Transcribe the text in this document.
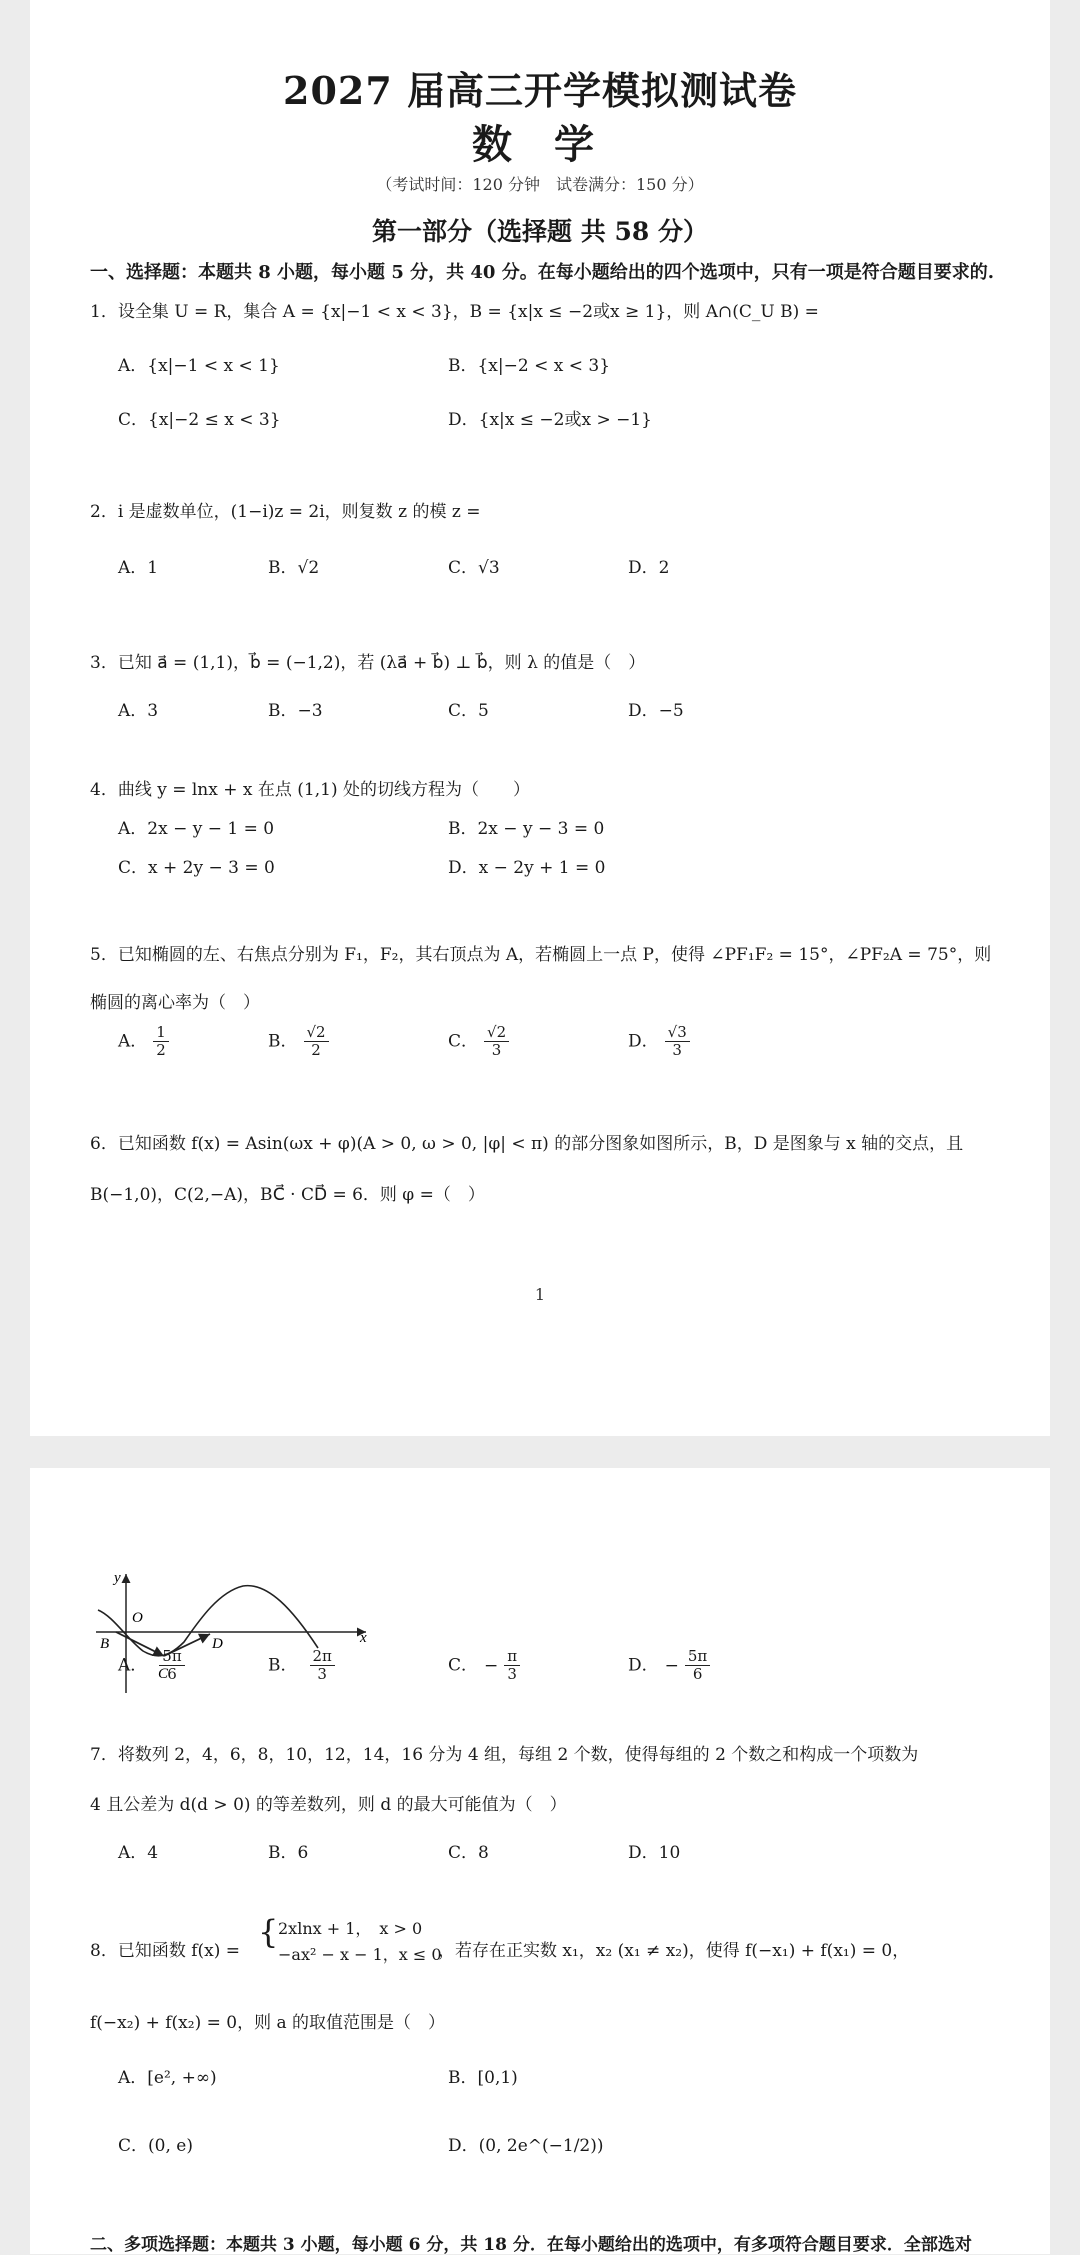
2027 届高三开学模拟测试卷
数 学
（考试时间：120 分钟　试卷满分：150 分）
第一部分（选择题 共 58 分）
一、选择题：本题共 8 小题，每小题 5 分，共 40 分。在每小题给出的四个选项中，只有一项是符合题目要求的.
1．设全集 U = R，集合 A = {x|−1 < x < 3}，B = {x|x ≤ −2或x ≥ 1}，则 A∩(C_U B) =
A．{x|−1 < x < 1}	B．{x|−2 < x < 3}
C．{x|−2 ≤ x < 3}	D．{x|x ≤ −2或x > −1}
2．i 是虚数单位，(1−i)z = 2i，则复数 z 的模 z =
A．1	B．√2	C．√3	D．2
3．已知 a⃗ = (1,1)，b⃗ = (−1,2)，若 (λa⃗ + b⃗) ⊥ b⃗，则 λ 的值是（　）
A．3	B．−3	C．5	D．−5
4．曲线 y = lnx + x 在点 (1,1) 处的切线方程为（　　）
A．2x − y − 1 = 0	B．2x − y − 3 = 0
C．x + 2y − 3 = 0	D．x − 2y + 1 = 0
5．已知椭圆的左、右焦点分别为 F₁，F₂，其右顶点为 A，若椭圆上一点 P，使得 ∠PF₁F₂ = 15°，∠PF₂A = 75°，则
椭圆的离心率为（　）
A． $\frac{1}{2}$	B． $\frac{√2}{2}$	C． $\frac{√2}{3}$	D． $\frac{√3}{3}$
6．已知函数 f(x) = Asin(ωx + φ)(A > 0, ω > 0, |φ| < π) 的部分图象如图所示，B，D 是图象与 x 轴的交点，且
B(−1,0)，C(2,−A)，BC⃗ · CD⃗ = 6．则 φ =（　）
1
y
O
B
C
D	x
A． $\frac{5\pi}{6}$	B． $\frac{2\pi}{3}$	C． − $\frac{\pi}{3}$	D． − $\frac{5\pi}{6}$
7．将数列 2，4，6，8，10，12，14，16 分为 4 组，每组 2 个数，使得每组的 2 个数之和构成一个项数为
4 且公差为 d(d > 0) 的等差数列，则 d 的最大可能值为（　）
A．4	B．6	C．8	D．10
8．已知函数 f(x) = { 2xlnx + 1，　x > 0
−ax² − x − 1，x ≤ 0
，若存在正实数 x₁，x₂ (x₁ ≠ x₂)，使得 f(−x₁) + f(x₁) = 0，
f(−x₂) + f(x₂) = 0，则 a 的取值范围是（　）
A．[e², +∞)	B．[0,1)
C．(0, e)	D．(0, 2e^(−1/2))
二、多项选择题：本题共 3 小题，每小题 6 分，共 18 分．在每小题给出的选项中，有多项符合题目要求．全部选对
